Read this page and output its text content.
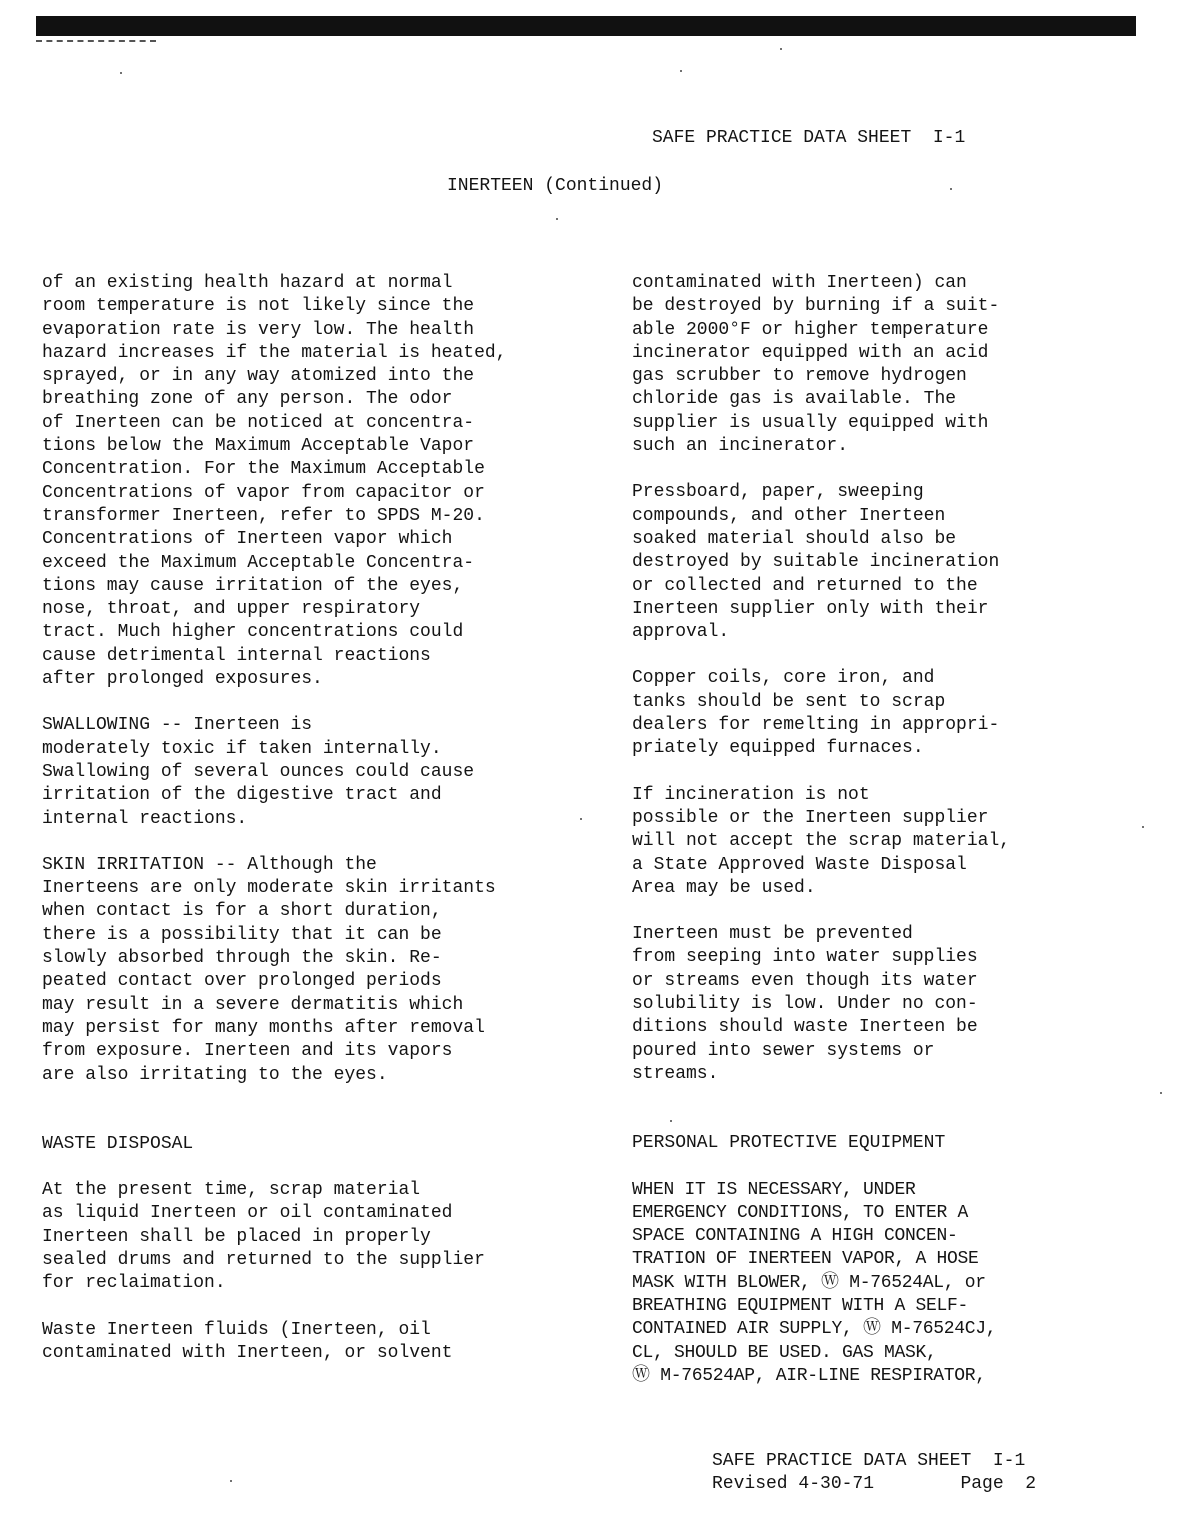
SAFE PRACTICE DATA SHEET  I-1
INERTEEN (Continued)

of an existing health hazard at normal
room temperature is not likely since the
evaporation rate is very low. The health
hazard increases if the material is heated,
sprayed, or in any way atomized into the
breathing zone of any person. The odor
of Inerteen can be noticed at concentra-
tions below the Maximum Acceptable Vapor
Concentration. For the Maximum Acceptable
Concentrations of vapor from capacitor or
transformer Inerteen, refer to SPDS M-20.
Concentrations of Inerteen vapor which
exceed the Maximum Acceptable Concentra-
tions may cause irritation of the eyes,
nose, throat, and upper respiratory
tract. Much higher concentrations could
cause detrimental internal reactions
after prolonged exposures.

SWALLOWING -- Inerteen is
moderately toxic if taken internally.
Swallowing of several ounces could cause
irritation of the digestive tract and
internal reactions.

SKIN IRRITATION -- Although the
Inerteens are only moderate skin irritants
when contact is for a short duration,
there is a possibility that it can be
slowly absorbed through the skin. Re-
peated contact over prolonged periods
may result in a severe dermatitis which
may persist for many months after removal
from exposure. Inerteen and its vapors
are also irritating to the eyes.

WASTE DISPOSAL

At the present time, scrap material
as liquid Inerteen or oil contaminated
Inerteen shall be placed in properly
sealed drums and returned to the supplier
for reclaimation.

Waste Inerteen fluids (Inerteen, oil
contaminated with Inerteen, or solvent

contaminated with Inerteen) can
be destroyed by burning if a suit-
able 2000°F or higher temperature
incinerator equipped with an acid
gas scrubber to remove hydrogen
chloride gas is available. The
supplier is usually equipped with
such an incinerator.

Pressboard, paper, sweeping
compounds, and other Inerteen
soaked material should also be
destroyed by suitable incineration
or collected and returned to the
Inerteen supplier only with their
approval.

Copper coils, core iron, and
tanks should be sent to scrap
dealers for remelting in appropri-
priately equipped furnaces.

If incineration is not
possible or the Inerteen supplier
will not accept the scrap material,
a State Approved Waste Disposal
Area may be used.

Inerteen must be prevented
from seeping into water supplies
or streams even though its water
solubility is low. Under no con-
ditions should waste Inerteen be
poured into sewer systems or
streams.

PERSONAL PROTECTIVE EQUIPMENT

WHEN IT IS NECESSARY, UNDER
EMERGENCY CONDITIONS, TO ENTER A
SPACE CONTAINING A HIGH CONCEN-
TRATION OF INERTEEN VAPOR, A HOSE
MASK WITH BLOWER, Ⓦ M-76524AL, or
BREATHING EQUIPMENT WITH A SELF-
CONTAINED AIR SUPPLY, Ⓦ M-76524CJ,
CL, SHOULD BE USED. GAS MASK,
Ⓦ M-76524AP, AIR-LINE RESPIRATOR,

SAFE PRACTICE DATA SHEET  I-1
Revised 4-30-71	Page  2
